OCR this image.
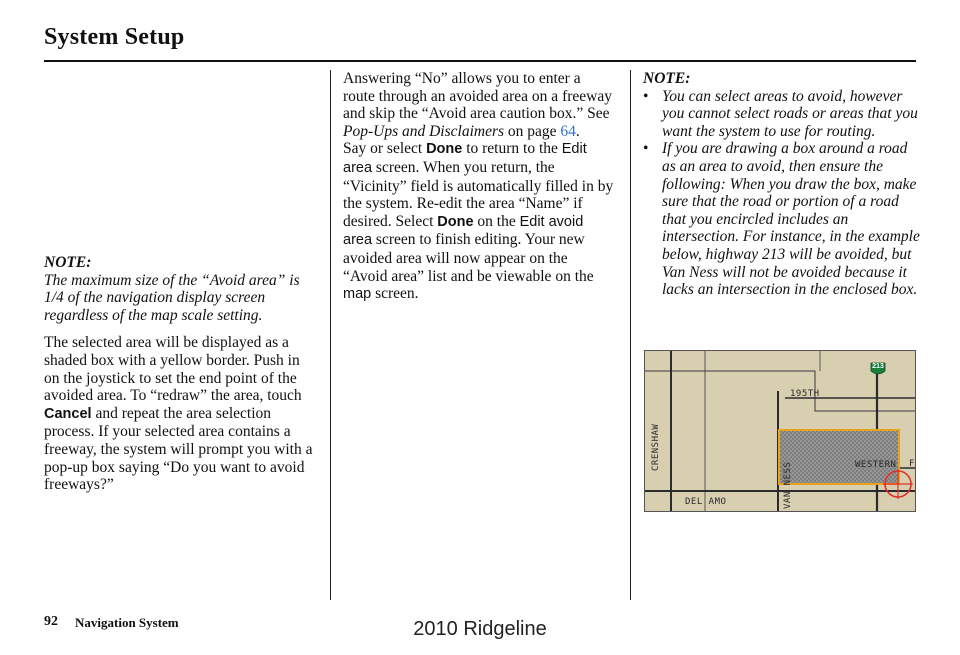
System Setup

NOTE:

The maximum size of the “Avoid area” is 1/4 of the navigation display screen regardless of the map scale setting.

The selected area will be displayed as a shaded box with a yellow border. Push in on the joystick to set the end point of the avoided area. To “redraw” the area, touch Cancel and repeat the area selection process. If your selected area contains a freeway, the system will prompt you with a pop-up box saying “Do you want to avoid freeways?”

Answering “No” allows you to enter a route through an avoided area on a freeway and skip the “Avoid area caution box.” See Pop-Ups and Disclaimers on page 64.

Say or select Done to return to the Edit area screen. When you return, the “Vicinity” field is automatically filled in by the system. Re-edit the area “Name” if desired. Select Done on the Edit avoid area screen to finish editing. Your new avoided area will now appear on the “Avoid area” list and be viewable on the map screen.

NOTE:

• You can select areas to avoid, however you cannot select roads or areas that you want the system to use for routing.
• If you are drawing a box around a road as an area to avoid, then ensure the following: When you draw the box, make sure that the road or portion of a road that you encircled includes an intersection. For instance, in the example below, highway 213 will be avoided, but Van Ness will not be avoided because it lacks an intersection in the enclosed box.
213
195TH
WESTERN F
DEL AMO
CRENSHAW
VAN NESS
92 Navigation System	2010 Ridgeline
